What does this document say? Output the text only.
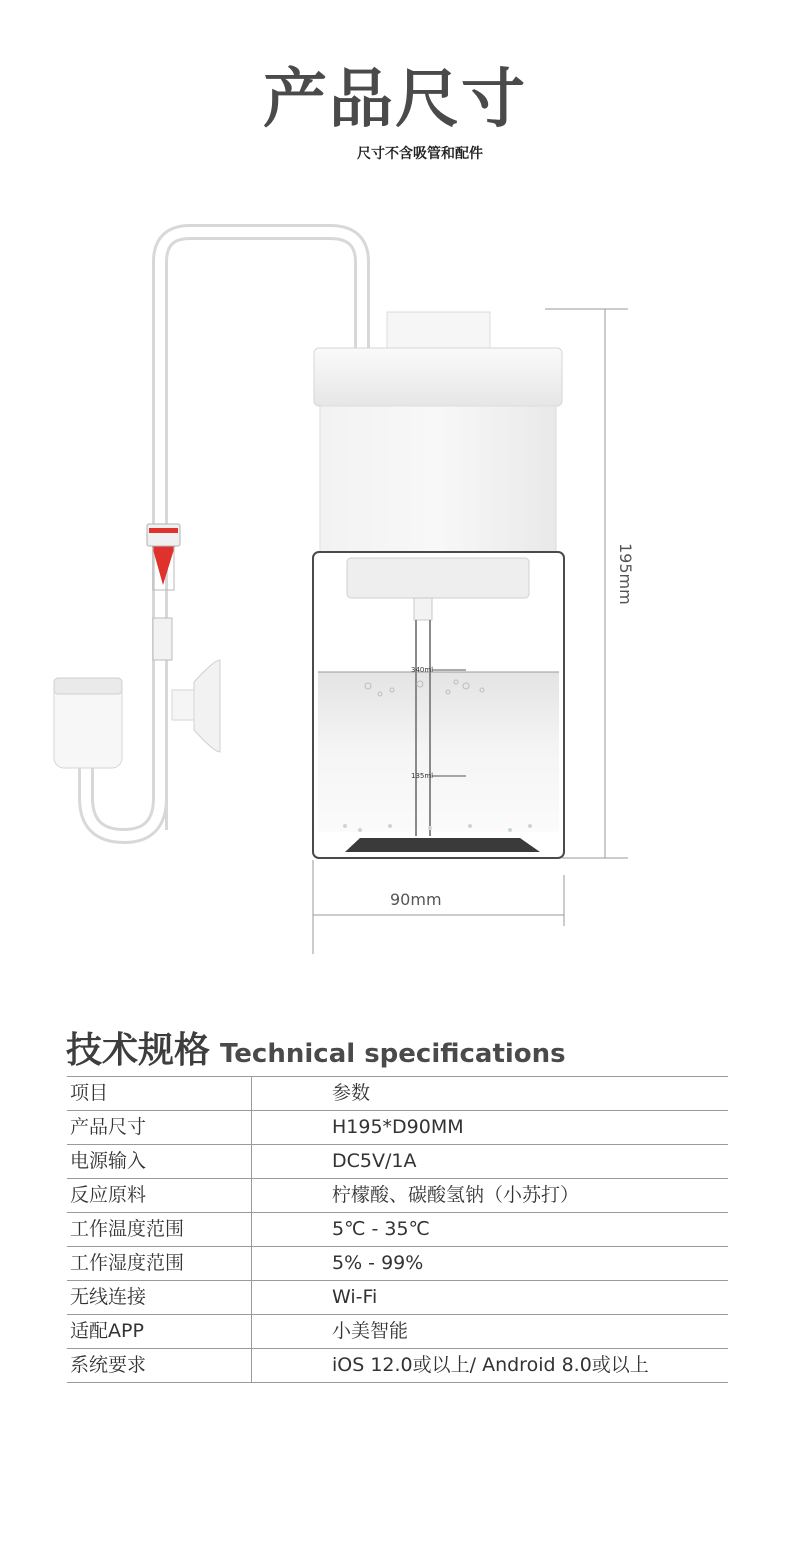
产品尺寸
尺寸不含吸管和配件
340ml
135ml
195mm
90mm
技术规格 Technical specifications
项目	参数
产品尺寸	H195*D90MM
电源输入	DC5V/1A
反应原料	柠檬酸、碳酸氢钠（小苏打）
工作温度范围	5℃ - 35℃
工作湿度范围	5% - 99%
无线连接	Wi-Fi
适配APP	小美智能
系统要求	iOS 12.0或以上/ Android 8.0或以上
